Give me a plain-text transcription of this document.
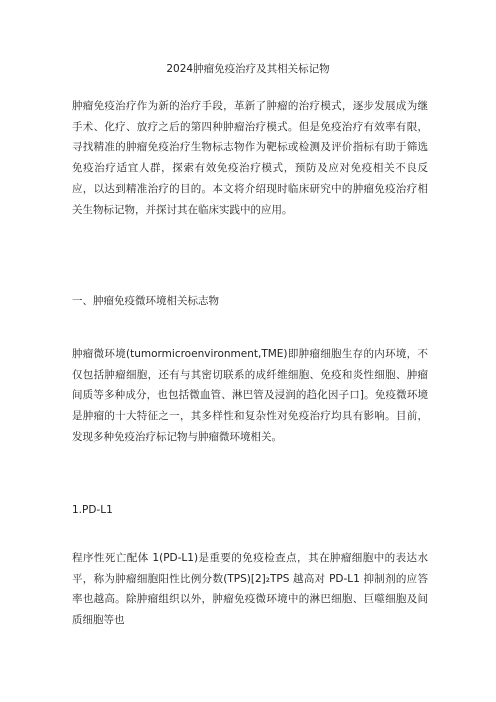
2024肿瘤免疫治疗及其相关标记物

肿瘤免疫治疗作为新的治疗手段，革新了肿瘤的治疗模式，逐步发展成为继手术、化疗、放疗之后的第四种肿瘤治疗模式。但是免疫治疗有效率有限，寻找精准的肿瘤免疫治疗生物标志物作为靶标或检测及评价指标有助于筛选免疫治疗适宜人群，探索有效免疫治疗模式，预防及应对免疫相关不良反应，以达到精准治疗的目的。本文将介绍现时临床研究中的肿瘤免疫治疗相关生物标记物，并探讨其在临床实践中的应用。

一、肿瘤免疫微环境相关标志物

肿瘤微环境(tumormicroenvironment,TME)即肿瘤细胞生存的内环境，不仅包括肿瘤细胞，还有与其密切联系的成纤维细胞、免疫和炎性细胞、肿瘤间质等多种成分，也包括微血管、淋巴管及浸润的趋化因子口]。免疫微环境是肿瘤的十大特征之一，其多样性和复杂性对免疫治疗均具有影响。目前，发现多种免疫治疗标记物与肿瘤微环境相关。

1.PD-L1

程序性死亡配体 1(PD-L1)是重要的免疫检查点，其在肿瘤细胞中的表达水平，称为肿瘤细胞阳性比例分数(TPS)[2]₂TPS 越高对 PD-L1 抑制剂的应答率也越高。除肿瘤组织以外，肿瘤免疫微环境中的淋巴细胞、巨噬细胞及间质细胞等也
